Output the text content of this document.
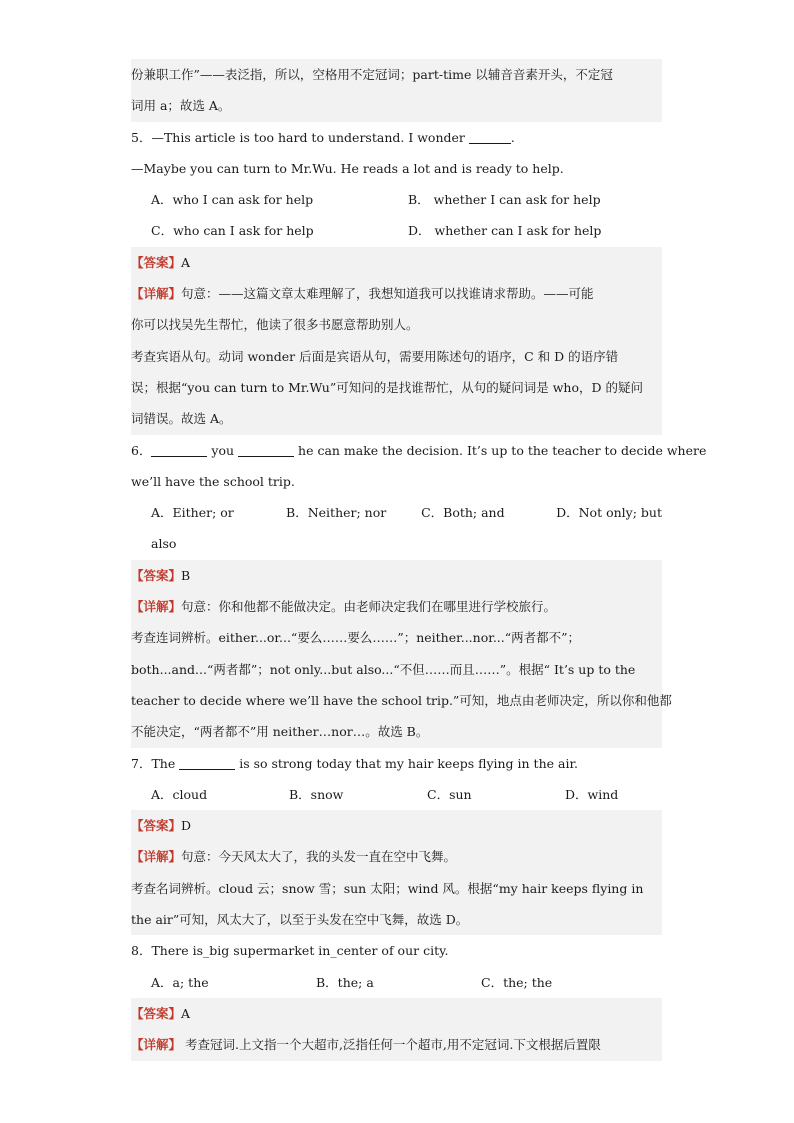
份兼职工作”——表泛指，所以，空格用不定冠词；part-time 以辅音音素开头，不定冠
词用 a；故选 A。
5．—This article is too hard to understand. I wonder	.
—Maybe you can turn to Mr.Wu. He reads a lot and is ready to help.
A．who I can ask for help	B． whether I can ask for help
C．who can I ask for help	D． whether can I ask for help
【答案】A
【详解】句意：——这篇文章太难理解了，我想知道我可以找谁请求帮助。——可能
你可以找吴先生帮忙，他读了很多书愿意帮助别人。
考查宾语从句。动词 wonder 后面是宾语从句，需要用陈述句的语序，C 和 D 的语序错
误；根据“you can turn to Mr.Wu”可知问的是找谁帮忙，从句的疑问词是 who，D 的疑问
词错误。故选 A。
6．	you	he can make the decision. It’s up to the teacher to decide where
we’ll have the school trip.
A．Either; or	B．Neither; nor	C．Both; and	D．Not only; but
also
【答案】B
【详解】句意：你和他都不能做决定。由老师决定我们在哪里进行学校旅行。
考查连词辨析。either...or...“要么……要么……”；neither...nor...“两者都不”；
both...and...“两者都”；not only...but also...“不但……而且……”。根据“ It’s up to the
teacher to decide where we’ll have the school trip.”可知，地点由老师决定，所以你和他都
不能决定，“两者都不”用 neither…nor…。故选 B。
7．The	is so strong today that my hair keeps flying in the air.
A．cloud	B．snow	C．sun	D．wind
【答案】D
【详解】句意：今天风太大了，我的头发一直在空中飞舞。
考查名词辨析。cloud 云；snow 雪；sun 太阳；wind 风。根据“my hair keeps flying in
the air”可知，风太大了，以至于头发在空中飞舞，故选 D。
8．There is_big supermarket in_center of our city.
A．a; the	B．the; a	C．the; the
【答案】A
【详解】 考查冠词.上文指一个大超市,泛指任何一个超市,用不定冠词.下文根据后置限
